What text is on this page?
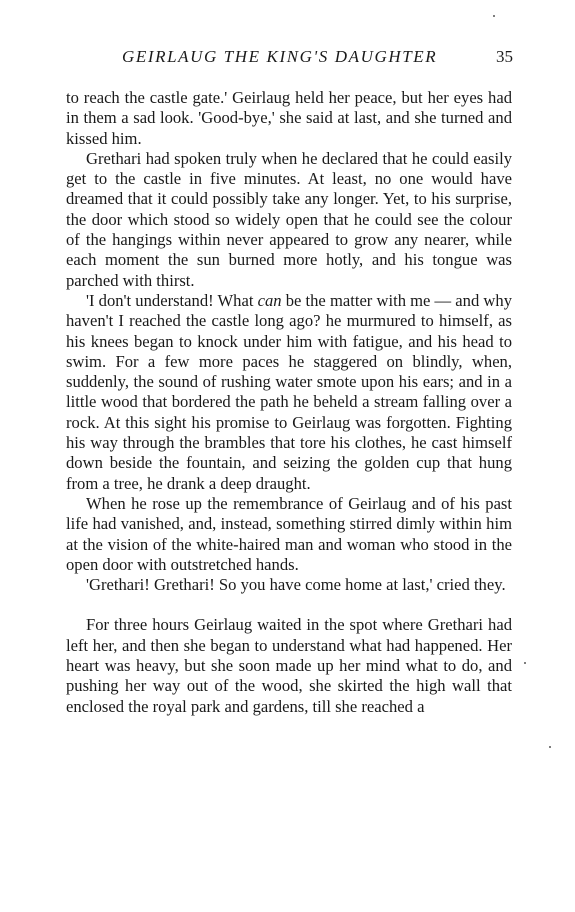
GEIRLAUG THE KING'S DAUGHTER	35

to reach the castle gate.' Geirlaug held her peace, but her eyes had in them a sad look. 'Good-bye,' she said at last, and she turned and kissed him.

Grethari had spoken truly when he declared that he could easily get to the castle in five minutes. At least, no one would have dreamed that it could possibly take any longer. Yet, to his surprise, the door which stood so widely open that he could see the colour of the hangings within never appeared to grow any nearer, while each moment the sun burned more hotly, and his tongue was parched with thirst.

'I don't understand! What can be the matter with me — and why haven't I reached the castle long ago? he murmured to himself, as his knees began to knock under him with fatigue, and his head to swim. For a few more paces he staggered on blindly, when, suddenly, the sound of rushing water smote upon his ears; and in a little wood that bordered the path he beheld a stream falling over a rock. At this sight his promise to Geirlaug was forgotten. Fighting his way through the brambles that tore his clothes, he cast himself down beside the fountain, and seizing the golden cup that hung from a tree, he drank a deep draught.

When he rose up the remembrance of Geirlaug and of his past life had vanished, and, instead, something stirred dimly within him at the vision of the white-haired man and woman who stood in the open door with outstretched hands.

'Grethari! Grethari! So you have come home at last,' cried they.

For three hours Geirlaug waited in the spot where Grethari had left her, and then she began to understand what had happened. Her heart was heavy, but she soon made up her mind what to do, and pushing her way out of the wood, she skirted the high wall that enclosed the royal park and gardens, till she reached a
